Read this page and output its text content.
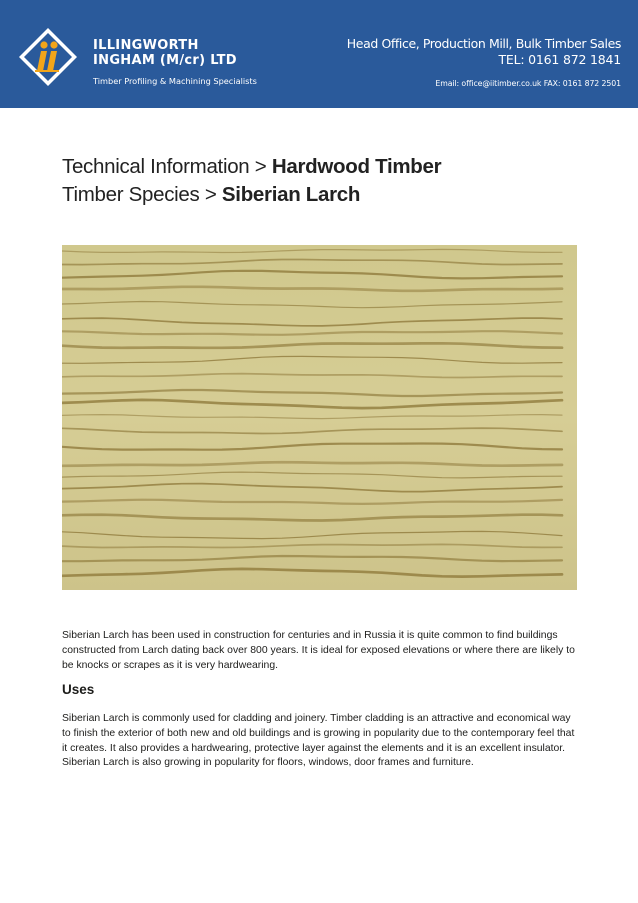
ILLINGWORTH
INGHAM (M/cr) LTD
Timber Profiling & Machining Specialists
Head Office, Production Mill, Bulk Timber Sales
TEL: 0161 872 1841
Email: office@iitimber.co.uk FAX: 0161 872 2501
Technical Information > Hardwood Timber
Timber Species > Siberian Larch

Siberian Larch has been used in construction for centuries and in Russia it is quite common to find buildings constructed from Larch dating back over 800 years. It is ideal for exposed elevations or where there are likely to be knocks or scrapes as it is very hardwearing.

Uses

Siberian Larch is commonly used for cladding and joinery. Timber cladding is an attractive and economical way to finish the exterior of both new and old buildings and is growing in popularity due to the contemporary feel that it creates. It also provides a hardwearing, protective layer against the elements and it is an excellent insulator. Siberian Larch is also growing in popularity for floors, windows, door frames and furniture.
